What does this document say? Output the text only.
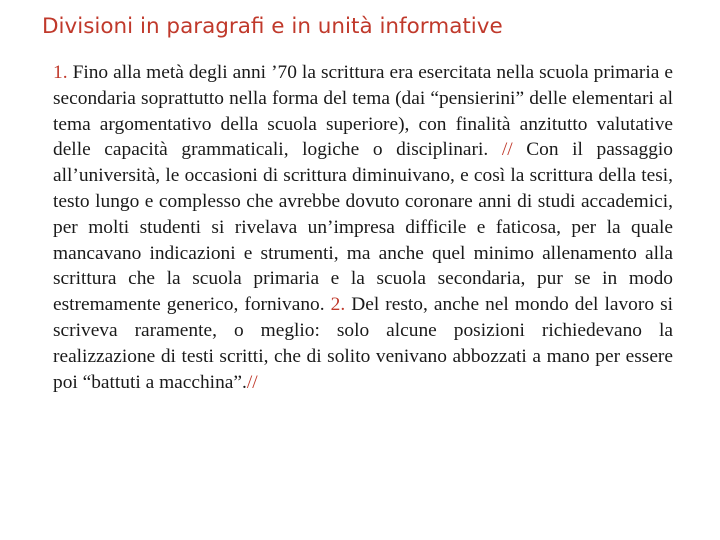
Divisioni in paragrafi e in unità informative

1. Fino alla metà degli anni ’70 la scrittura era esercitata nella scuola primaria e secondaria soprattutto nella forma del tema (dai “pensierini” delle elementari al tema argomentativo della scuola superiore), con finalità anzitutto valutative delle capacità grammaticali, logiche o disciplinari. // Con il passaggio all’università, le occasioni di scrittura diminuivano, e così la scrittura della tesi, testo lungo e complesso che avrebbe dovuto coronare anni di studi accademici, per molti studenti si rivelava un’impresa difficile e faticosa, per la quale mancavano indicazioni e strumenti, ma anche quel minimo allenamento alla scrittura che la scuola primaria e la scuola secondaria, pur se in modo estremamente generico, fornivano. 2. Del resto, anche nel mondo del lavoro si scriveva raramente, o meglio: solo alcune posizioni richiedevano la realizzazione di testi scritti, che di solito venivano abbozzati a mano per essere poi “battuti a macchina”.//
